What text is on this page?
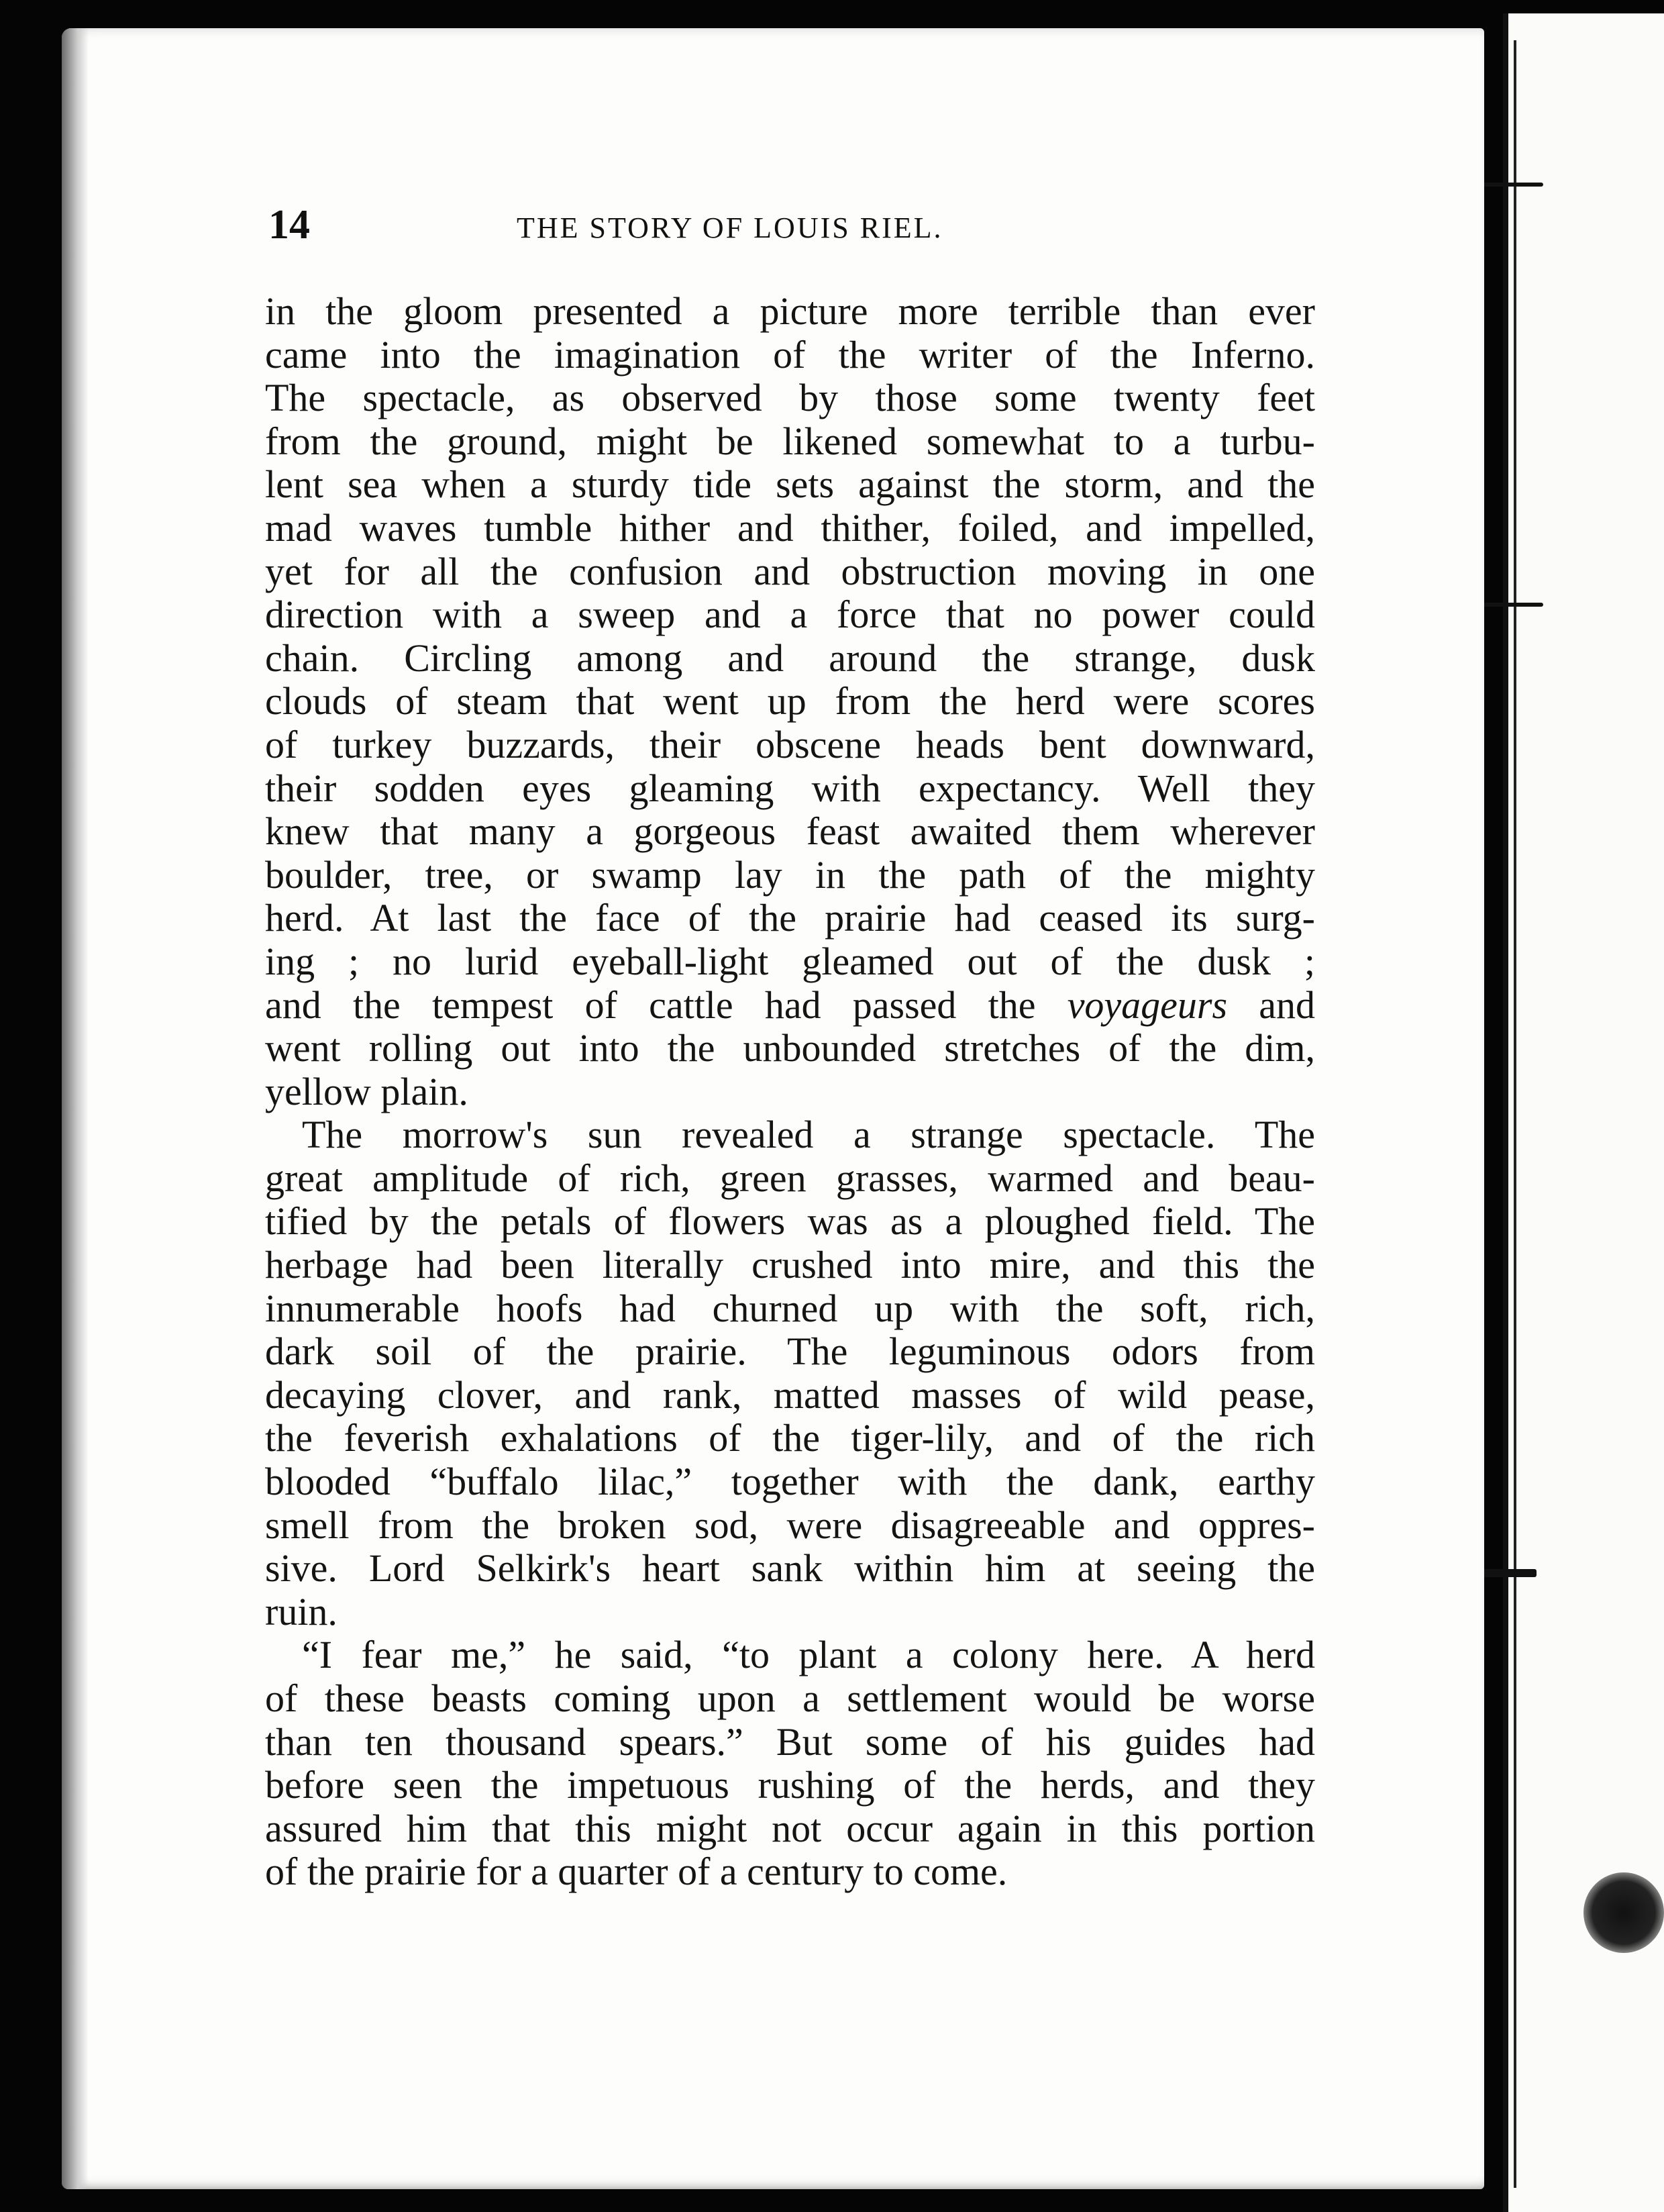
14	THE STORY OF LOUIS RIEL.
in the gloom presented a picture more terrible than ever
came into the imagination of the writer of the Inferno.
The spectacle, as observed by those some twenty feet
from the ground, might be likened somewhat to a turbu-
lent sea when a sturdy tide sets against the storm, and the
mad waves tumble hither and thither, foiled, and impelled,
yet for all the confusion and obstruction moving in one
direction with a sweep and a force that no power could
chain. Circling among and around the strange, dusk
clouds of steam that went up from the herd were scores
of turkey buzzards, their obscene heads bent downward,
their sodden eyes gleaming with expectancy. Well they
knew that many a gorgeous feast awaited them wherever
boulder, tree, or swamp lay in the path of the mighty
herd. At last the face of the prairie had ceased its surg-
ing ; no lurid eyeball-light gleamed out of the dusk ;
and the tempest of cattle had passed the voyageurs and
went rolling out into the unbounded stretches of the dim,
yellow plain.
The morrow's sun revealed a strange spectacle. The
great amplitude of rich, green grasses, warmed and beau-
tified by the petals of flowers was as a ploughed field. The
herbage had been literally crushed into mire, and this the
innumerable hoofs had churned up with the soft, rich,
dark soil of the prairie. The leguminous odors from
decaying clover, and rank, matted masses of wild pease,
the feverish exhalations of the tiger-lily, and of the rich
blooded “buffalo lilac,” together with the dank, earthy
smell from the broken sod, were disagreeable and oppres-
sive. Lord Selkirk's heart sank within him at seeing the
ruin.
“I fear me,” he said, “to plant a colony here. A herd
of these beasts coming upon a settlement would be worse
than ten thousand spears.” But some of his guides had
before seen the impetuous rushing of the herds, and they
assured him that this might not occur again in this portion
of the prairie for a quarter of a century to come.
